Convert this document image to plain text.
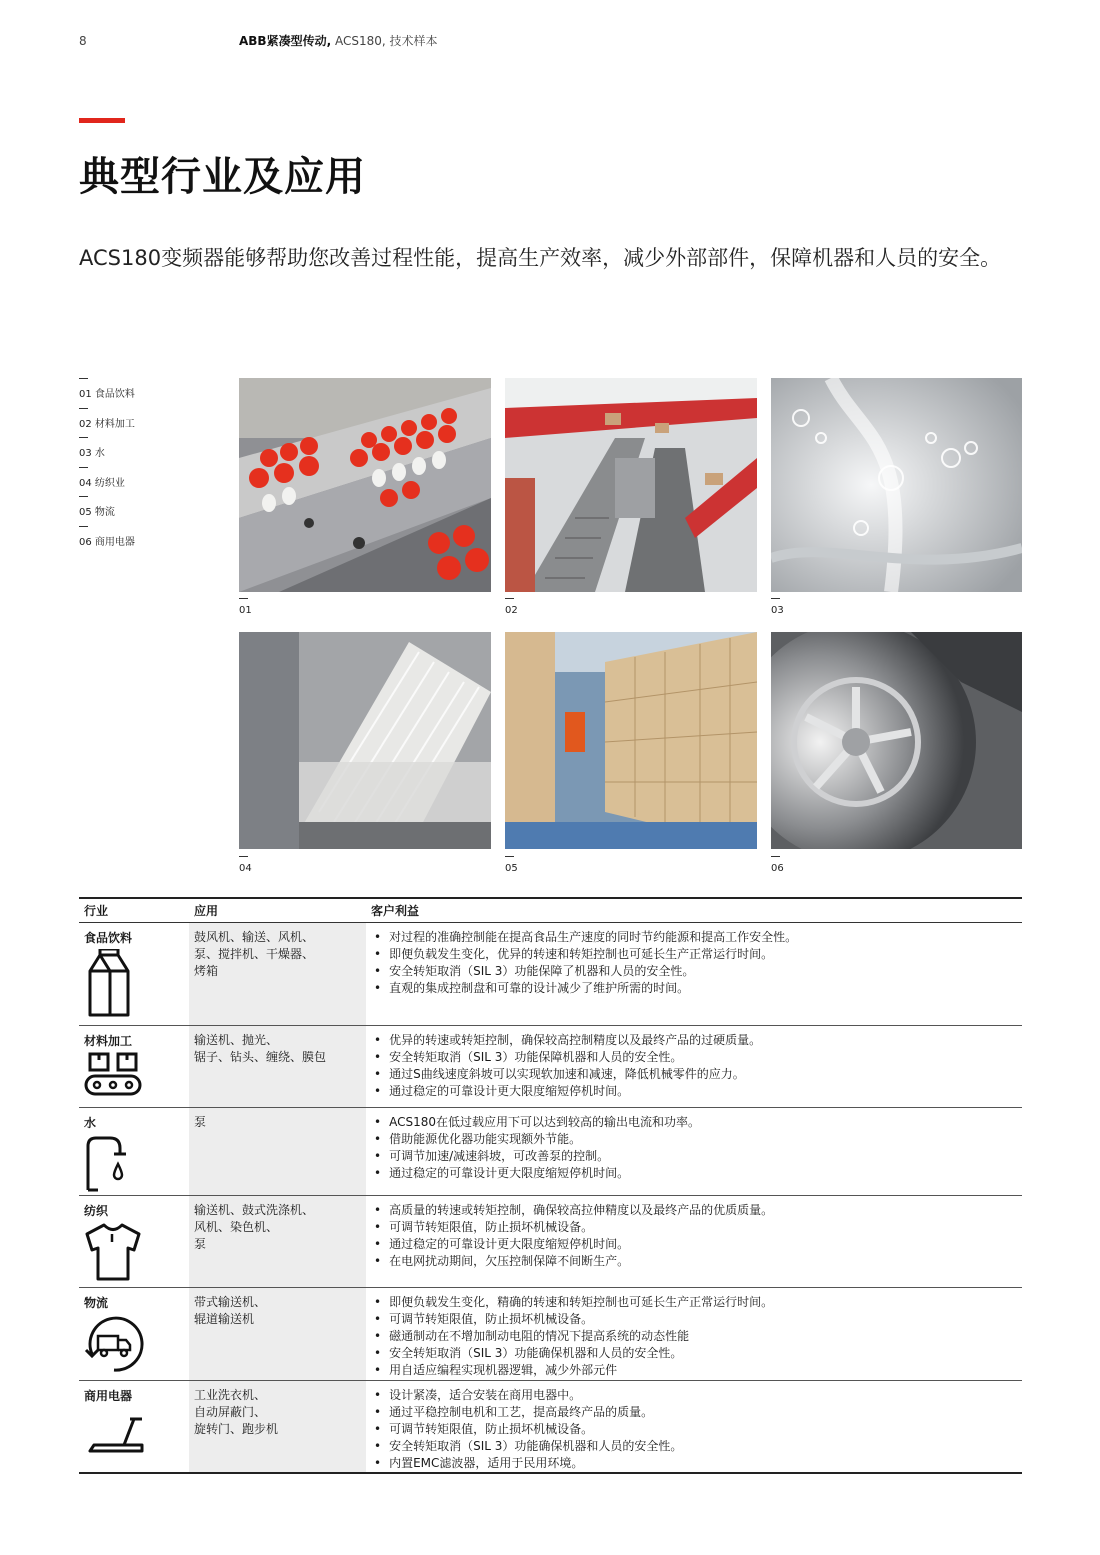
8	ABB紧凑型传动, ACS180, 技术样本
典型行业及应用
ACS180变频器能够帮助您改善过程性能，提高生产效率，减少外部部件，保障机器和人员的安全。
01 食品饮料
02 材料加工
03 水
04 纺织业
05 物流
06 商用电器
01	02	03
04	05	06
行业	应用	客户利益
食品饮料	鼓风机、输送、风机、
泵、搅拌机、干燥器、
烤箱
• 对过程的准确控制能在提高食品生产速度的同时节约能源和提高工作安全性。
• 即便负载发生变化，优异的转速和转矩控制也可延长生产正常运行时间。
• 安全转矩取消（SIL 3）功能保障了机器和人员的安全性。
• 直观的集成控制盘和可靠的设计减少了维护所需的时间。
材料加工	输送机、抛光、
锯子、钻头、缠绕、膜包
• 优异的转速或转矩控制，确保较高控制精度以及最终产品的过硬质量。
• 安全转矩取消（SIL 3）功能保障机器和人员的安全性。
• 通过S曲线速度斜坡可以实现软加速和减速，降低机械零件的应力。
• 通过稳定的可靠设计更大限度缩短停机时间。
水	泵
•	ACS180在低过载应用下可以达到较高的输出电流和功率。
• 借助能源优化器功能实现额外节能。
• 可调节加速/减速斜坡，可改善泵的控制。
• 通过稳定的可靠设计更大限度缩短停机时间。
纺织	输送机、鼓式洗涤机、
风机、染色机、
泵
• 高质量的转速或转矩控制，确保较高拉伸精度以及最终产品的优质质量。
• 可调节转矩限值，防止损坏机械设备。
• 通过稳定的可靠设计更大限度缩短停机时间。
• 在电网扰动期间，欠压控制保障不间断生产。
物流	带式输送机、
辊道输送机
• 即便负载发生变化，精确的转速和转矩控制也可延长生产正常运行时间。
• 可调节转矩限值，防止损坏机械设备。
• 磁通制动在不增加制动电阻的情况下提高系统的动态性能
• 安全转矩取消（SIL 3）功能确保机器和人员的安全性。
• 用自适应编程实现机器逻辑，减少外部元件
商用电器	工业洗衣机、
自动屏蔽门、
旋转门、跑步机
• 设计紧凑，适合安装在商用电器中。
• 通过平稳控制电机和工艺，提高最终产品的质量。
• 可调节转矩限值，防止损坏机械设备。
• 安全转矩取消（SIL 3）功能确保机器和人员的安全性。
• 内置EMC滤波器，适用于民用环境。
